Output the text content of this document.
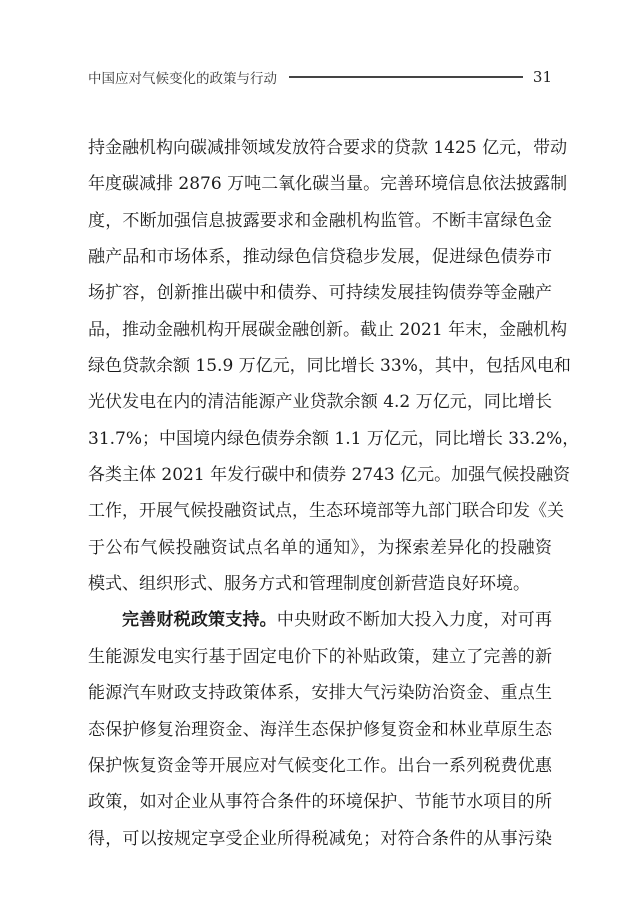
中国应对气候变化的政策与行动	31
持金融机构向碳减排领域发放符合要求的贷款 1425 亿元，带动
年度碳减排 2876 万吨二氧化碳当量。完善环境信息依法披露制
度，不断加强信息披露要求和金融机构监管。不断丰富绿色金
融产品和市场体系，推动绿色信贷稳步发展，促进绿色债券市
场扩容，创新推出碳中和债券、可持续发展挂钩债券等金融产
品，推动金融机构开展碳金融创新。截止 2021 年末，金融机构
绿色贷款余额 15.9 万亿元，同比增长 33%，其中，包括风电和
光伏发电在内的清洁能源产业贷款余额 4.2 万亿元，同比增长
31.7%；中国境内绿色债券余额 1.1 万亿元，同比增长 33.2%，
各类主体 2021 年发行碳中和债券 2743 亿元。加强气候投融资
工作，开展气候投融资试点，生态环境部等九部门联合印发《关
于公布气候投融资试点名单的通知》，为探索差异化的投融资
模式、组织形式、服务方式和管理制度创新营造良好环境。
完善财税政策支持。中央财政不断加大投入力度，对可再
生能源发电实行基于固定电价下的补贴政策，建立了完善的新
能源汽车财政支持政策体系，安排大气污染防治资金、重点生
态保护修复治理资金、海洋生态保护修复资金和林业草原生态
保护恢复资金等开展应对气候变化工作。出台一系列税费优惠
政策，如对企业从事符合条件的环境保护、节能节水项目的所
得，可以按规定享受企业所得税减免；对符合条件的从事污染
